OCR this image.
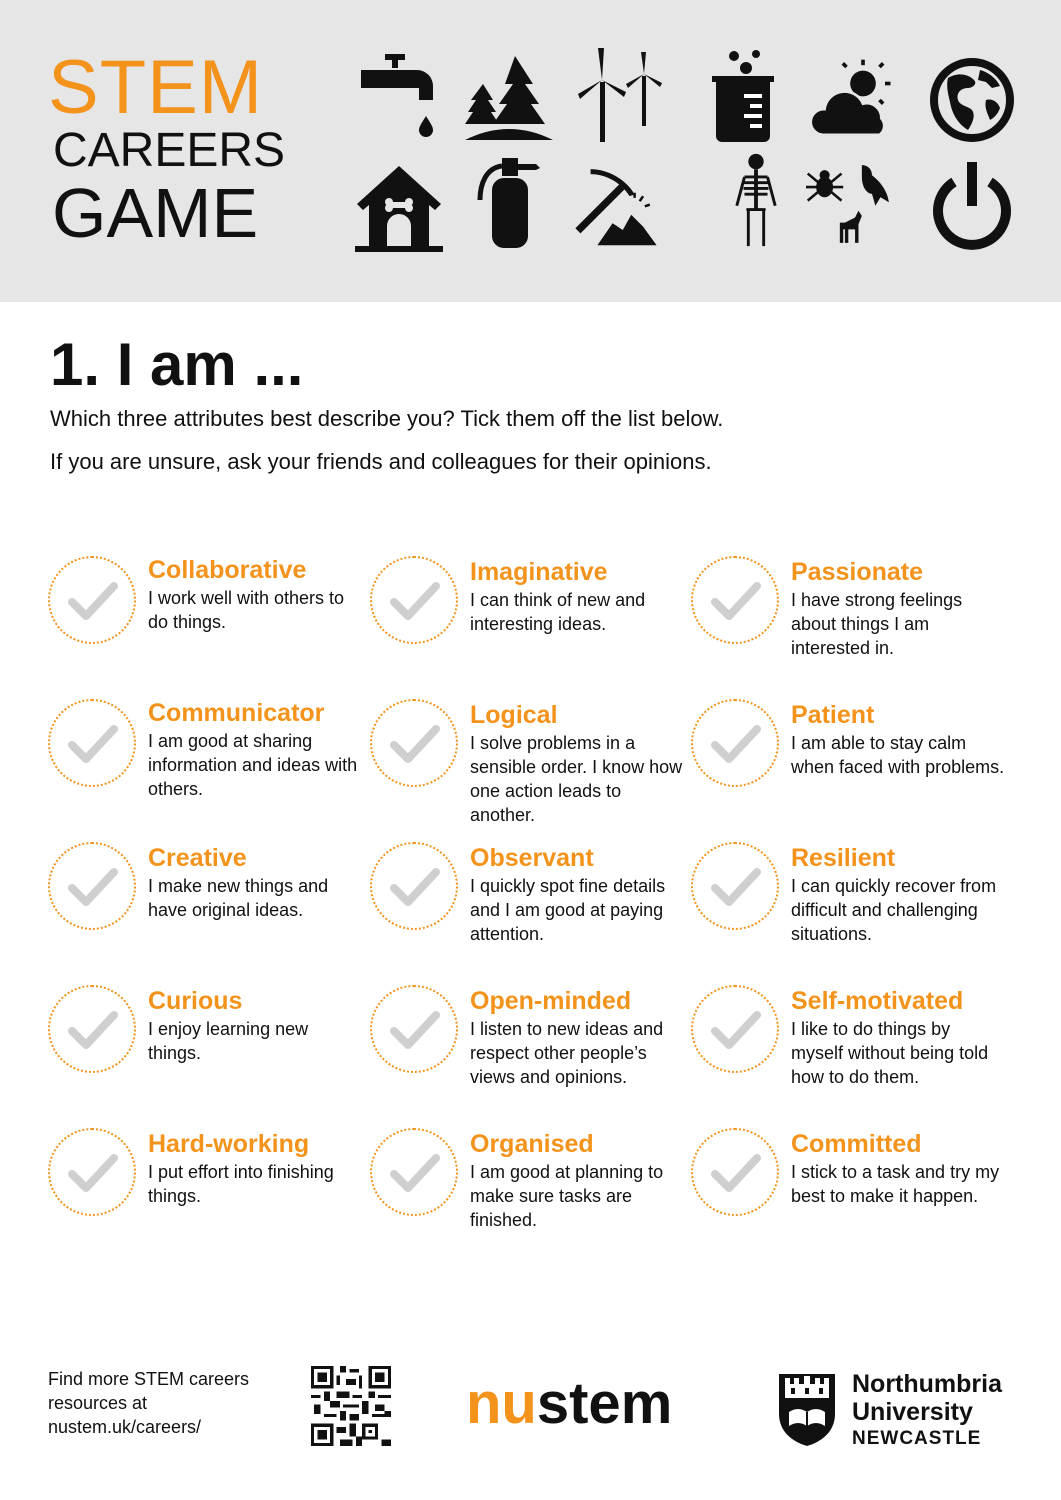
STEM
CAREERS
GAME
1. I am ...

Which three attributes best describe you? Tick them off the list below.

If you are unsure, ask your friends and colleagues for their opinions.

Collaborative

I work well with others to do things.

Imaginative

I can think of new and interesting ideas.

Passionate

I have strong feelings about things I am interested in.

Communicator

I am good at sharing information and ideas with others.

Logical

I solve problems in a sensible order. I know how one action leads to another.

Patient

I am able to stay calm when faced with problems.

Creative

I make new things and have original ideas.

Observant

I quickly spot fine details and I am good at paying attention.

Resilient

I can quickly recover from difficult and challenging situations.

Curious

I enjoy learning new things.

Open-minded

I listen to new ideas and respect other people’s views and opinions.

Self-motivated

I like to do things by myself without being told how to do them.

Hard-working

I put effort into finishing things.

Organised

I am good at planning to make sure tasks are finished.

Committed

I stick to a task and try my best to make it happen.

Find more STEM careers resources at nustem.uk/careers/	nustem	Northumbria
University
NEWCASTLE
